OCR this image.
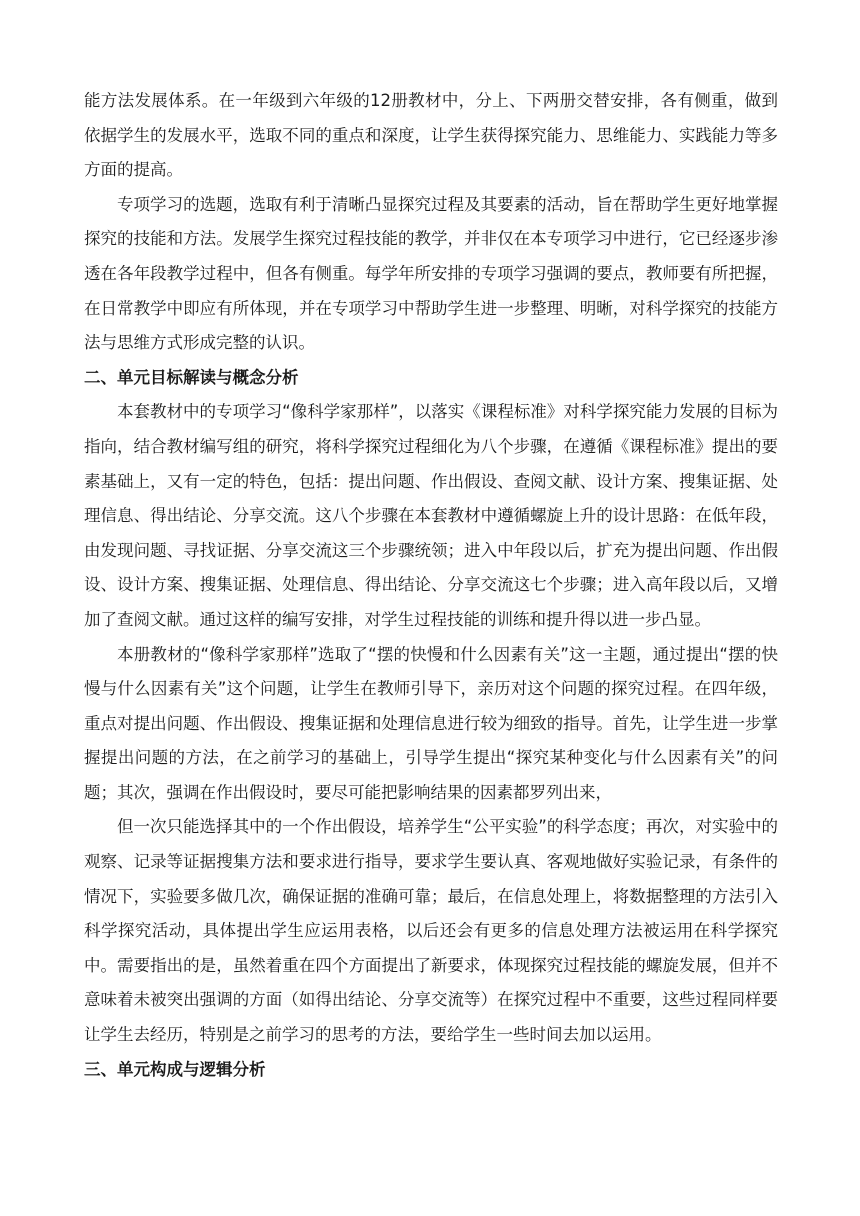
能方法发展体系。在一年级到六年级的12册教材中，分上、下两册交替安排，各有侧重，做到依据学生的发展水平，选取不同的重点和深度，让学生获得探究能力、思维能力、实践能力等多方面的提高。

专项学习的选题，选取有利于清晰凸显探究过程及其要素的活动，旨在帮助学生更好地掌握探究的技能和方法。发展学生探究过程技能的教学，并非仅在本专项学习中进行，它已经逐步渗透在各年段教学过程中，但各有侧重。每学年所安排的专项学习强调的要点，教师要有所把握，在日常教学中即应有所体现，并在专项学习中帮助学生进一步整理、明晰，对科学探究的技能方法与思维方式形成完整的认识。

二、单元目标解读与概念分析

本套教材中的专项学习“像科学家那样”，以落实《课程标准》对科学探究能力发展的目标为指向，结合教材编写组的研究，将科学探究过程细化为八个步骤，在遵循《课程标准》提出的要素基础上，又有一定的特色，包括：提出问题、作出假设、查阅文献、设计方案、搜集证据、处理信息、得出结论、分享交流。这八个步骤在本套教材中遵循螺旋上升的设计思路：在低年段，由发现问题、寻找证据、分享交流这三个步骤统领；进入中年段以后，扩充为提出问题、作出假设、设计方案、搜集证据、处理信息、得出结论、分享交流这七个步骤；进入高年段以后，又增加了查阅文献。通过这样的编写安排，对学生过程技能的训练和提升得以进一步凸显。

本册教材的“像科学家那样”选取了“摆的快慢和什么因素有关”这一主题，通过提出“摆的快慢与什么因素有关”这个问题，让学生在教师引导下，亲历对这个问题的探究过程。在四年级，重点对提出问题、作出假设、搜集证据和处理信息进行较为细致的指导。首先，让学生进一步掌握提出问题的方法，在之前学习的基础上，引导学生提出“探究某种变化与什么因素有关”的问题；其次，强调在作出假设时，要尽可能把影响结果的因素都罗列出来，

但一次只能选择其中的一个作出假设，培养学生“公平实验”的科学态度；再次，对实验中的观察、记录等证据搜集方法和要求进行指导，要求学生要认真、客观地做好实验记录，有条件的情况下，实验要多做几次，确保证据的准确可靠；最后，在信息处理上，将数据整理的方法引入科学探究活动，具体提出学生应运用表格，以后还会有更多的信息处理方法被运用在科学探究中。需要指出的是，虽然着重在四个方面提出了新要求，体现探究过程技能的螺旋发展，但并不意味着未被突出强调的方面（如得出结论、分享交流等）在探究过程中不重要，这些过程同样要让学生去经历，特别是之前学习的思考的方法，要给学生一些时间去加以运用。

三、单元构成与逻辑分析
